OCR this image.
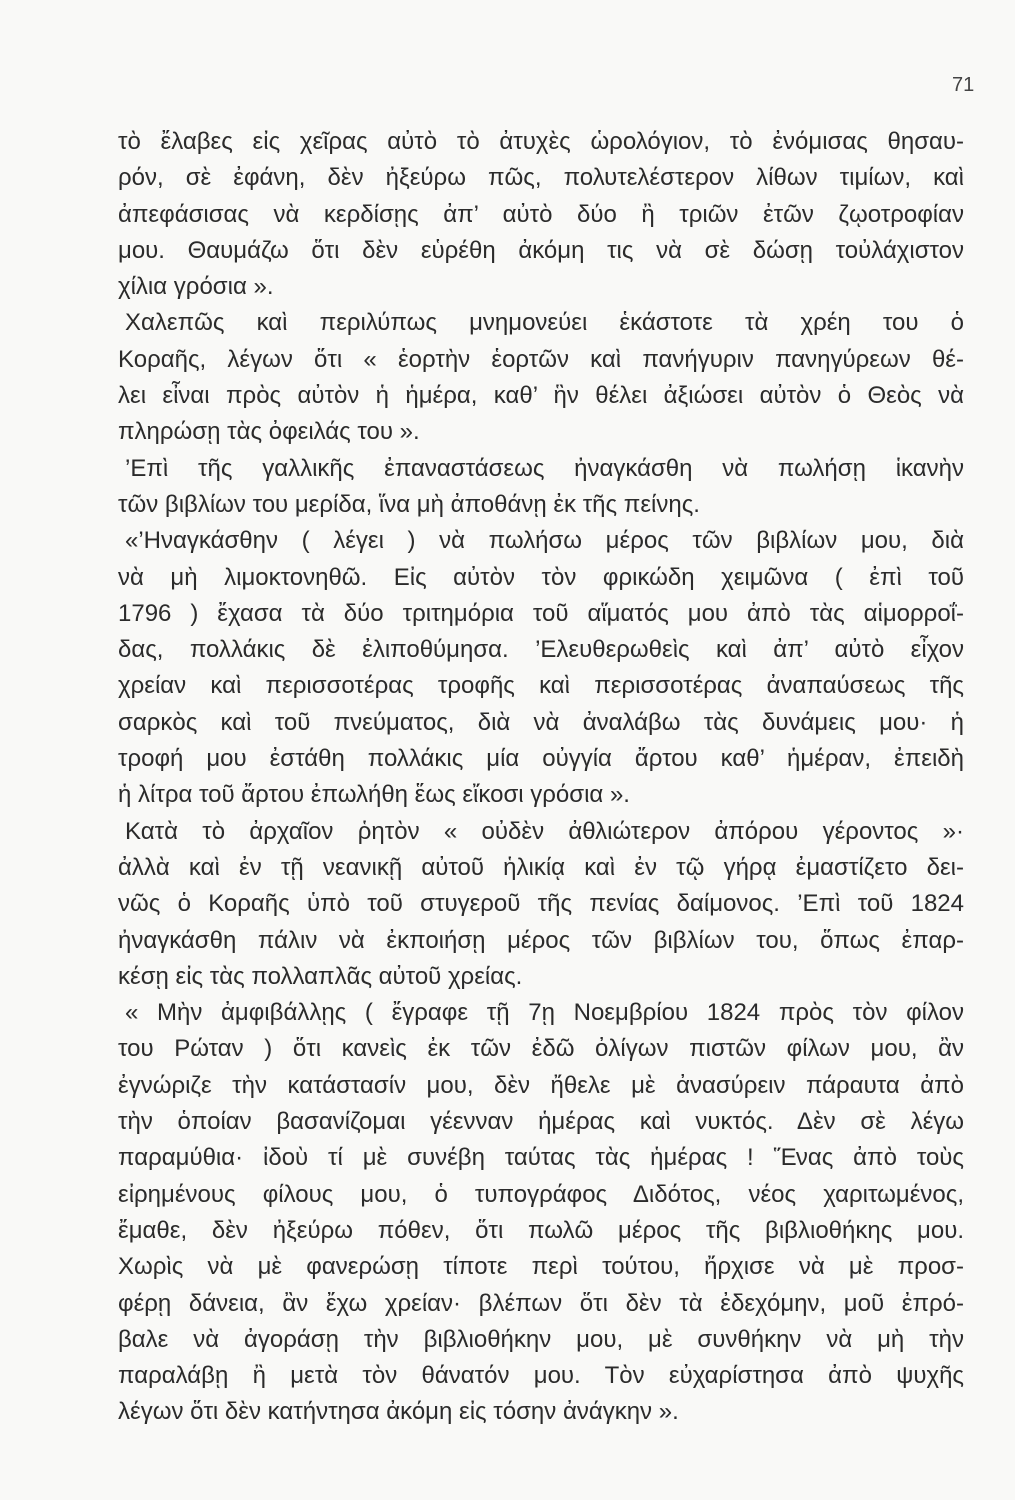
71
τὸ ἔλαβες εἰς χεῖρας αὐτὸ τὸ ἀτυχὲς ὡρολόγιον, τὸ ἐνόμισας θησαυ-
ρόν, σὲ ἐφάνη, δὲν ἠξεύρω πῶς, πολυτελέστερον λίθων τιμίων, καὶ
ἀπεφάσισας νὰ κερδίσῃς ἀπ’ αὐτὸ δύο ἢ τριῶν ἐτῶν ζῳοτροφίαν
μου. Θαυμάζω ὅτι δὲν εὑρέθη ἀκόμη τις νὰ σὲ δώσῃ τοὐλάχιστον
χίλια γρόσια ».
Χαλεπῶς καὶ περιλύπως μνημονεύει ἑκάστοτε τὰ χρέη του ὁ
Κοραῆς, λέγων ὅτι « ἑορτὴν ἑορτῶν καὶ πανήγυριν πανηγύρεων θέ-
λει εἶναι πρὸς αὐτὸν ἡ ἡμέρα, καθ’ ἣν θέλει ἀξιώσει αὐτὸν ὁ Θεὸς νὰ
πληρώσῃ τὰς ὀφειλάς του ».
’Επὶ τῆς γαλλικῆς ἐπαναστάσεως ἠναγκάσθη νὰ πωλήσῃ ἱκανὴν
τῶν βιβλίων του μερίδα, ἵνα μὴ ἀποθάνῃ ἐκ τῆς πείνης.
«’Ηναγκάσθην ( λέγει ) νὰ πωλήσω μέρος τῶν βιβλίων μου, διὰ
νὰ μὴ λιμοκτονηθῶ. Εἰς αὐτὸν τὸν φρικώδη χειμῶνα ( ἐπὶ τοῦ
1796 ) ἔχασα τὰ δύο τριτημόρια τοῦ αἵματός μου ἀπὸ τὰς αἱμορροΐ-
δας, πολλάκις δὲ ἐλιποθύμησα. ’Ελευθερωθεὶς καὶ ἀπ’ αὐτὸ εἶχον
χρείαν καὶ περισσοτέρας τροφῆς καὶ περισσοτέρας ἀναπαύσεως τῆς
σαρκὸς καὶ τοῦ πνεύματος, διὰ νὰ ἀναλάβω τὰς δυνάμεις μου· ἡ
τροφή μου ἐστάθη πολλάκις μία οὐγγία ἄρτου καθ’ ἡμέραν, ἐπειδὴ
ἡ λίτρα τοῦ ἄρτου ἐπωλήθη ἕως εἴκοσι γρόσια ».
Κατὰ τὸ ἀρχαῖον ῥητὸν « οὐδὲν ἀθλιώτερον ἀπόρου γέροντος »·
ἀλλὰ καὶ ἐν τῇ νεανικῇ αὐτοῦ ἡλικίᾳ καὶ ἐν τῷ γήρᾳ ἐμαστίζετο δει-
νῶς ὁ Κοραῆς ὑπὸ τοῦ στυγεροῦ τῆς πενίας δαίμονος. ’Επὶ τοῦ 1824
ἠναγκάσθη πάλιν νὰ ἐκποιήσῃ μέρος τῶν βιβλίων του, ὅπως ἐπαρ-
κέσῃ εἰς τὰς πολλαπλᾶς αὐτοῦ χρείας.
« Μὴν ἀμφιβάλλῃς ( ἔγραφε τῇ 7ῃ Νοεμβρίου 1824 πρὸς τὸν φίλον
του Ρώταν ) ὅτι κανεὶς ἐκ τῶν ἐδῶ ὀλίγων πιστῶν φίλων μου, ἂν
ἐγνώριζε τὴν κατάστασίν μου, δὲν ἤθελε μὲ ἀνασύρειν πάραυτα ἀπὸ
τὴν ὁποίαν βασανίζομαι γέενναν ἡμέρας καὶ νυκτός. Δὲν σὲ λέγω
παραμύθια· ἰδοὺ τί μὲ συνέβη ταύτας τὰς ἡμέρας ! Ἕνας ἀπὸ τοὺς
εἰρημένους φίλους μου, ὁ τυπογράφος Διδότος, νέος χαριτωμένος,
ἔμαθε, δὲν ἠξεύρω πόθεν, ὅτι πωλῶ μέρος τῆς βιβλιοθήκης μου.
Χωρὶς νὰ μὲ φανερώσῃ τίποτε περὶ τούτου, ἤρχισε νὰ μὲ προσ-
φέρῃ δάνεια, ἂν ἔχω χρείαν· βλέπων ὅτι δὲν τὰ ἐδεχόμην, μοῦ ἐπρό-
βαλε νὰ ἀγοράσῃ τὴν βιβλιοθήκην μου, μὲ συνθήκην νὰ μὴ τὴν
παραλάβῃ ἢ μετὰ τὸν θάνατόν μου. Τὸν εὐχαρίστησα ἀπὸ ψυχῆς
λέγων ὅτι δὲν κατήντησα ἀκόμη εἰς τόσην ἀνάγκην ».
